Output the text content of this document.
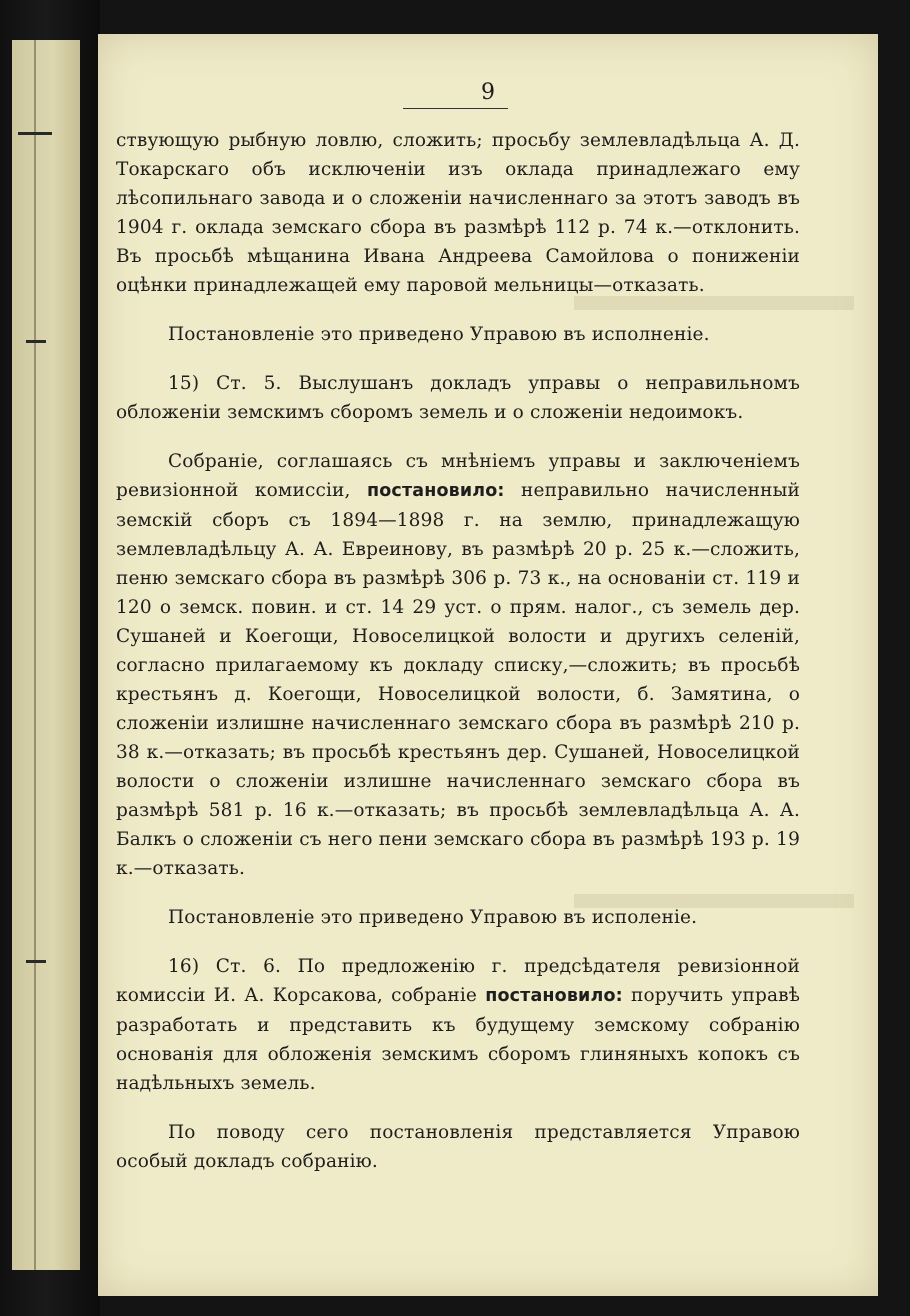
9

ствующую рыбную ловлю, сложить; просьбу землевладѣльца А. Д. Токарскаго объ исключеніи изъ оклада принадлежаго ему лѣсопильнаго завода и о сложеніи начисленнаго за этотъ заводъ въ 1904 г. оклада земскаго сбора въ размѣрѣ 112 р. 74 к.—отклонить. Въ просьбѣ мѣщанина Ивана Андреева Самойлова о пониженіи оцѣнки принадлежащей ему паровой мельницы—отказать.

Постановленіе это приведено Управою въ исполненіе.

15) Ст. 5. Выслушанъ докладъ управы о неправильномъ обложеніи земскимъ сборомъ земель и о сложеніи недоимокъ.

Собраніе, соглашаясь съ мнѣніемъ управы и заключеніемъ ревизіонной комиссіи, постановило: неправильно начисленный земскій сборъ съ 1894—1898 г. на землю, принадлежащую землевладѣльцу А. А. Евреинову, въ размѣрѣ 20 р. 25 к.—сложить, пеню земскаго сбора въ размѣрѣ 306 р. 73 к., на основаніи ст. 119 и 120 о земск. повин. и ст. 14 29 уст. о прям. налог., съ земель дер. Сушаней и Коегощи, Новоселицкой волости и другихъ селеній, согласно прилагаемому къ докладу списку,—сложить; въ просьбѣ крестьянъ д. Коегощи, Новоселицкой волости, б. Замятина, о сложеніи излишне начисленнаго земскаго сбора въ размѣрѣ 210 р. 38 к.—отказать; въ просьбѣ крестьянъ дер. Сушаней, Новоселицкой волости о сложеніи излишне начисленнаго земскаго сбора въ размѣрѣ 581 р. 16 к.—отказать; въ просьбѣ землевладѣльца А. А. Балкъ о сложеніи съ него пени земскаго сбора въ размѣрѣ 193 р. 19 к.—отказать.

Постановленіе это приведено Управою въ исполеніе.

16) Ст. 6. По предложенію г. предсѣдателя ревизіонной комиссіи И. А. Корсакова, собраніе постановило: поручить управѣ разработать и представить къ будущему земскому собранію основанія для обложенія земскимъ сборомъ глиняныхъ копокъ съ надѣльныхъ земель.

По поводу сего постановленія представляется Управою особый докладъ собранію.
